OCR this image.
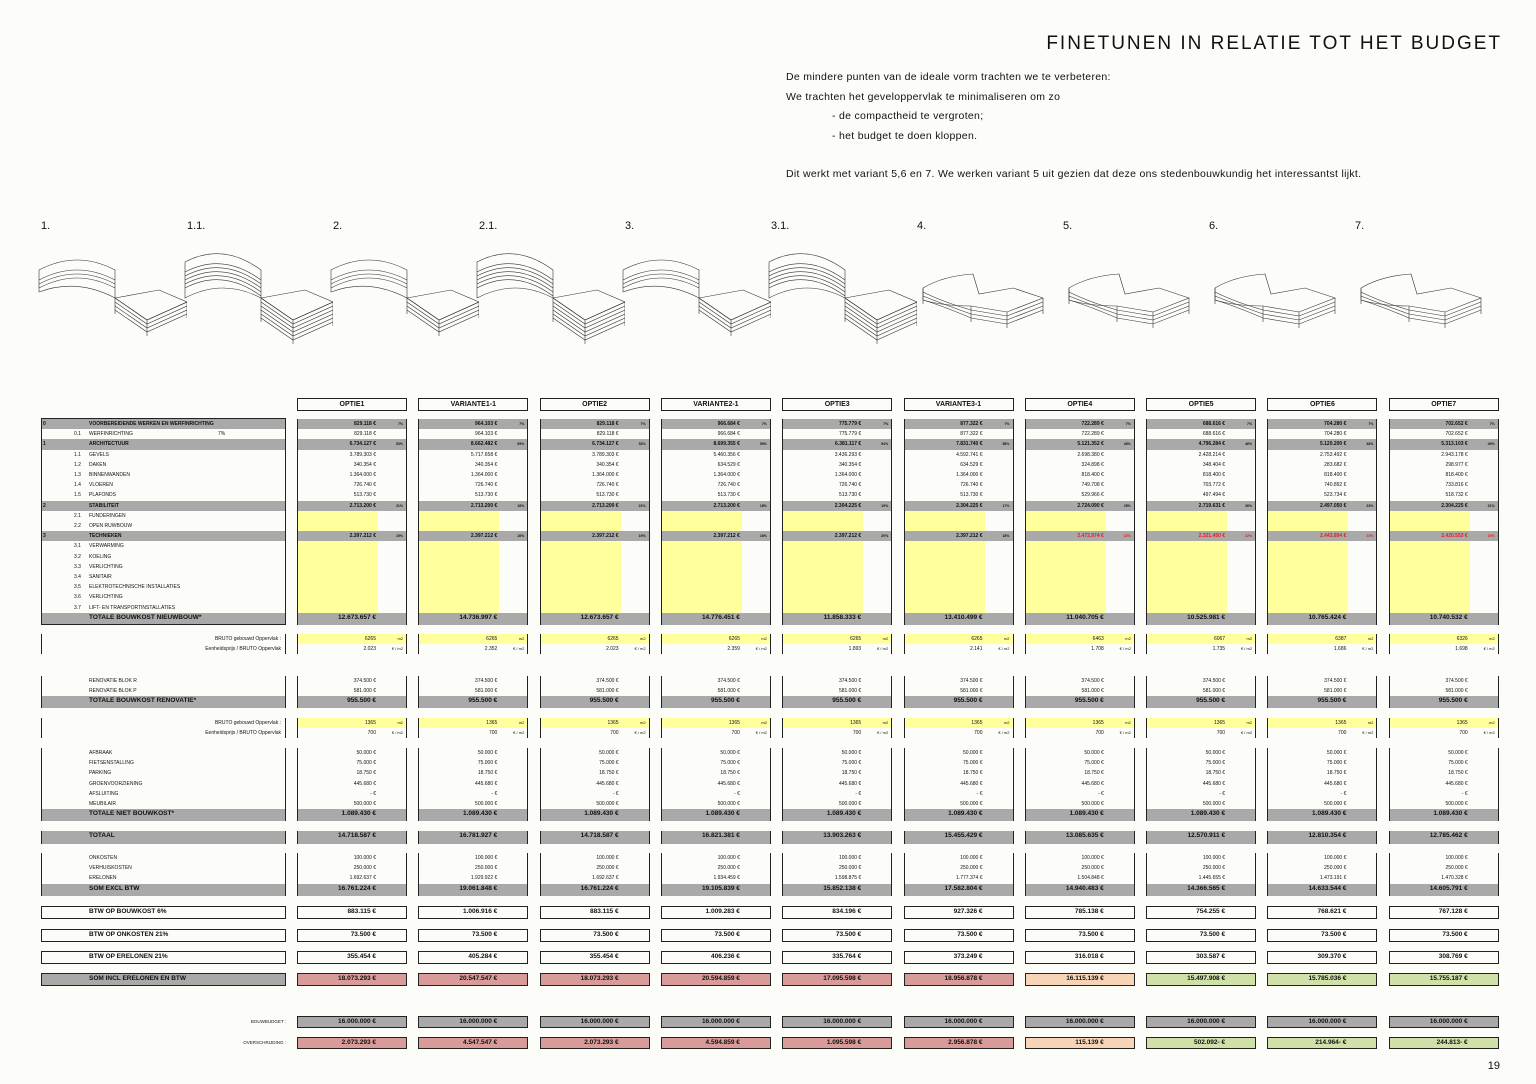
FINETUNEN IN RELATIE TOT HET BUDGET
De mindere punten van de ideale vorm trachten we te verbeteren:
We trachten het geveloppervlak te minimaliseren om zo
- de compactheid te vergroten;
- het budget te doen kloppen.
Dit werkt met variant 5,6 en 7. We werken variant 5 uit gezien dat deze ons stedenbouwkundig het interessantst lijkt.
1.	1.1.	2.	2.1.	3.	3.1.	4.	5.	6.	7.
OPTIE1	VARIANTE1-1	OPTIE2	VARIANTE2-1	OPTIE3	VARIANTE3-1	OPTIE4	OPTIE5	OPTIE6	OPTIE7
0	VOORBEREIDENDE WERKEN EN WERFINRICHTING	829.118 €	7%	964.103 €	7%	829.118 €	7%	966.684 €	7%	775.779 €	7%	877.322 €	7%	722.289 €	7%	688.616 €	7%	704.280 €	7%	702.652 €	7%
0.1 WERFINRICHTING	7%	829.118 €	964.103 €	829.118 €	966.684 €	775.779 €	877.322 €	722.289 €	688.616 €	704.280 €	702.652 €
1	ARCHITECTUUR	6.734.127 €	53%	8.662.482 €	59%	6.734.127 €	53%	8.699.355 €	59%	6.381.117 €	54%	7.831.740 €	58%	5.121.352 €	46%	4.796.284 €	46%	5.120.200 €	48%	5.313.103 €	49%
1.1 GEVELS	3.789.303 €	5.717.658 €	3.789.303 €	5.460.356 €	3.436.293 €	4.592.741 €	2.698.380 €	2.428.214 €	2.753.492 €	2.943.178 €
1.2 DAKEN	340.354 €	340.354 €	340.354 €	634.529 €	340.354 €	634.529 €	324.898 €	348.404 €	283.682 €	298.977 €
1.3 BINNENWANDEN	1.364.000 €	1.364.000 €	1.364.000 €	1.364.000 €	1.364.000 €	1.364.000 €	818.400 €	818.400 €	818.400 €	818.400 €
1.4 VLOEREN	726.740 €	726.740 €	726.740 €	726.740 €	726.740 €	726.740 €	749.708 €	703.772 €	740.892 €	733.816 €
1.5 PLAFONDS	513.730 €	513.730 €	513.730 €	513.730 €	513.730 €	513.730 €	529.966 €	497.494 €	523.734 €	518.732 €
2	STABILITEIT	2.713.200 €	21%	2.713.200 €	18%	2.713.200 €	21%	2.713.200 €	18%	2.304.225 €	19%	2.304.225 €	17%	2.724.090 €	25%	2.719.631 €	26%	2.497.050 €	23%	2.304.225 €	21%
2.1 FUNDERINGEN
2.2 OPEN RUWBOUW
3	TECHNIEKEN	2.397.212 €	19%	2.397.212 €	16%	2.397.212 €	19%	2.397.212 €	16%	2.397.212 €	20%	2.397.212 €	18%	2.472.974 €	22%	2.321.450 €	22%	2.443.894 €	23%	2.420.553 €	23%
3.1 VERWARMING
3.2 KOELING
3.3 VERLICHTING
3.4 SANITAIR
3.5 ELEKTROTECHNISCHE INSTALLATIES
3.6 VERLICHTING
3.7 LIFT- EN TRANSPORTINSTALLATIES
TOTALE BOUWKOST NIEUWBOUW*	12.673.657 €	14.736.997 €	12.673.657 €	14.776.451 €	11.858.333 €	13.410.499 €	11.040.705 €	10.525.981 €	10.765.424 €	10.740.532 €
BRUTO gebouwd Oppervlak :	6265	m2	6265	m2	6265	m2	6265	m2	6265	m2	6265	m2	6463	m2	6067	m2	6387	m2	6326	m2
Eenheidsprijs / BRUTO Oppervlak	2.023	€ / m2	2.352	€ / m2	2.023	€ / m2	2.359	€ / m2	1.893	€ / m2	2.141	€ / m2	1.708	€ / m2	1.735	€ / m2	1.686	€ / m2	1.698	€ / m2
RENOVATIE BLOK R	374.500 €	374.500 €	374.500 €	374.500 €	374.500 €	374.500 €	374.500 €	374.500 €	374.500 €	374.500 €
RENOVATIE BLOK P	581.000 €	581.000 €	581.000 €	581.000 €	581.000 €	581.000 €	581.000 €	581.000 €	581.000 €	581.000 €
TOTALE BOUWKOST RENOVATIE*	955.500 €	955.500 €	955.500 €	955.500 €	955.500 €	955.500 €	955.500 €	955.500 €	955.500 €	955.500 €
BRUTO gebouwd Oppervlak :	1365	m2	1365	m2	1365	m2	1365	m2	1365	m2	1365	m2	1365	m2	1365	m2	1365	m2	1365	m2
Eenheidsprijs / BRUTO Oppervlak	700	€ / m2	700	€ / m2	700	€ / m2	700	€ / m2	700	€ / m2	700	€ / m2	700	€ / m2	700	€ / m2	700	€ / m2	700	€ / m2
AFBRAAK	50.000 €	50.000 €	50.000 €	50.000 €	50.000 €	50.000 €	50.000 €	50.000 €	50.000 €	50.000 €
FIETSENSTALLING	75.000 €	75.000 €	75.000 €	75.000 €	75.000 €	75.000 €	75.000 €	75.000 €	75.000 €	75.000 €
PARKING	18.750 €	18.750 €	18.750 €	18.750 €	18.750 €	18.750 €	18.750 €	18.750 €	18.750 €	18.750 €
GROENVOORZIENING	445.680 €	445.680 €	445.680 €	445.680 €	445.680 €	445.680 €	445.680 €	445.680 €	445.680 €	445.680 €
AFSLUITING	- €	- €	- €	- €	- €	- €	- €	- €	- €	- €
MEUBILAIR	500.000 €	500.000 €	500.000 €	500.000 €	500.000 €	500.000 €	500.000 €	500.000 €	500.000 €	500.000 €
TOTALE NIET BOUWKOST*	1.089.430 €	1.089.430 €	1.089.430 €	1.089.430 €	1.089.430 €	1.089.430 €	1.089.430 €	1.089.430 €	1.089.430 €	1.089.430 €
TOTAAL	14.718.587 €	16.781.927 €	14.718.587 €	16.821.381 €	13.903.263 €	15.455.429 €	13.085.635 €	12.570.911 €	12.810.354 €	12.785.462 €
ONKOSTEN	100.000 €	100.000 €	100.000 €	100.000 €	100.000 €	100.000 €	100.000 €	100.000 €	100.000 €	100.000 €
VERHUISKOSTEN	250.000 €	250.000 €	250.000 €	250.000 €	250.000 €	250.000 €	250.000 €	250.000 €	250.000 €	250.000 €
ERELONEN	1.692.637 €	1.929.922 €	1.692.637 €	1.934.459 €	1.598.875 €	1.777.374 €	1.504.848 €	1.445.655 €	1.473.191 €	1.470.328 €
SOM EXCL BTW	16.761.224 €	19.061.848 €	16.761.224 €	19.105.839 €	15.852.138 €	17.582.804 €	14.940.483 €	14.366.565 €	14.633.544 €	14.605.791 €
BTW OP BOUWKOST 6%	883.115 €	1.006.916 €	883.115 €	1.009.283 €	834.196 €	927.326 €	785.138 €	754.255 €	768.621 €	767.128 €
BTW OP ONKOSTEN 21%	73.500 €	73.500 €	73.500 €	73.500 €	73.500 €	73.500 €	73.500 €	73.500 €	73.500 €	73.500 €
BTW OP ERELONEN 21%	355.454 €	405.284 €	355.454 €	406.236 €	335.764 €	373.249 €	316.018 €	303.587 €	309.370 €	308.769 €
SOM INCL ERELONEN EN BTW	18.073.293 €	20.547.547 €	18.073.293 €	20.594.859 €	17.095.598 €	18.956.878 €	16.115.139 €	15.497.908 €	15.785.036 €	15.755.187 €
BOUWBUDGET :	16.000.000 €	16.000.000 €	16.000.000 €	16.000.000 €	16.000.000 €	16.000.000 €	16.000.000 €	16.000.000 €	16.000.000 €	16.000.000 €
OVERSCHRIJDING :	2.073.293 €	4.547.547 €	2.073.293 €	4.594.859 €	1.095.598 €	2.956.878 €	115.139 €	502.092- €	214.964- €	244.813- €
19
